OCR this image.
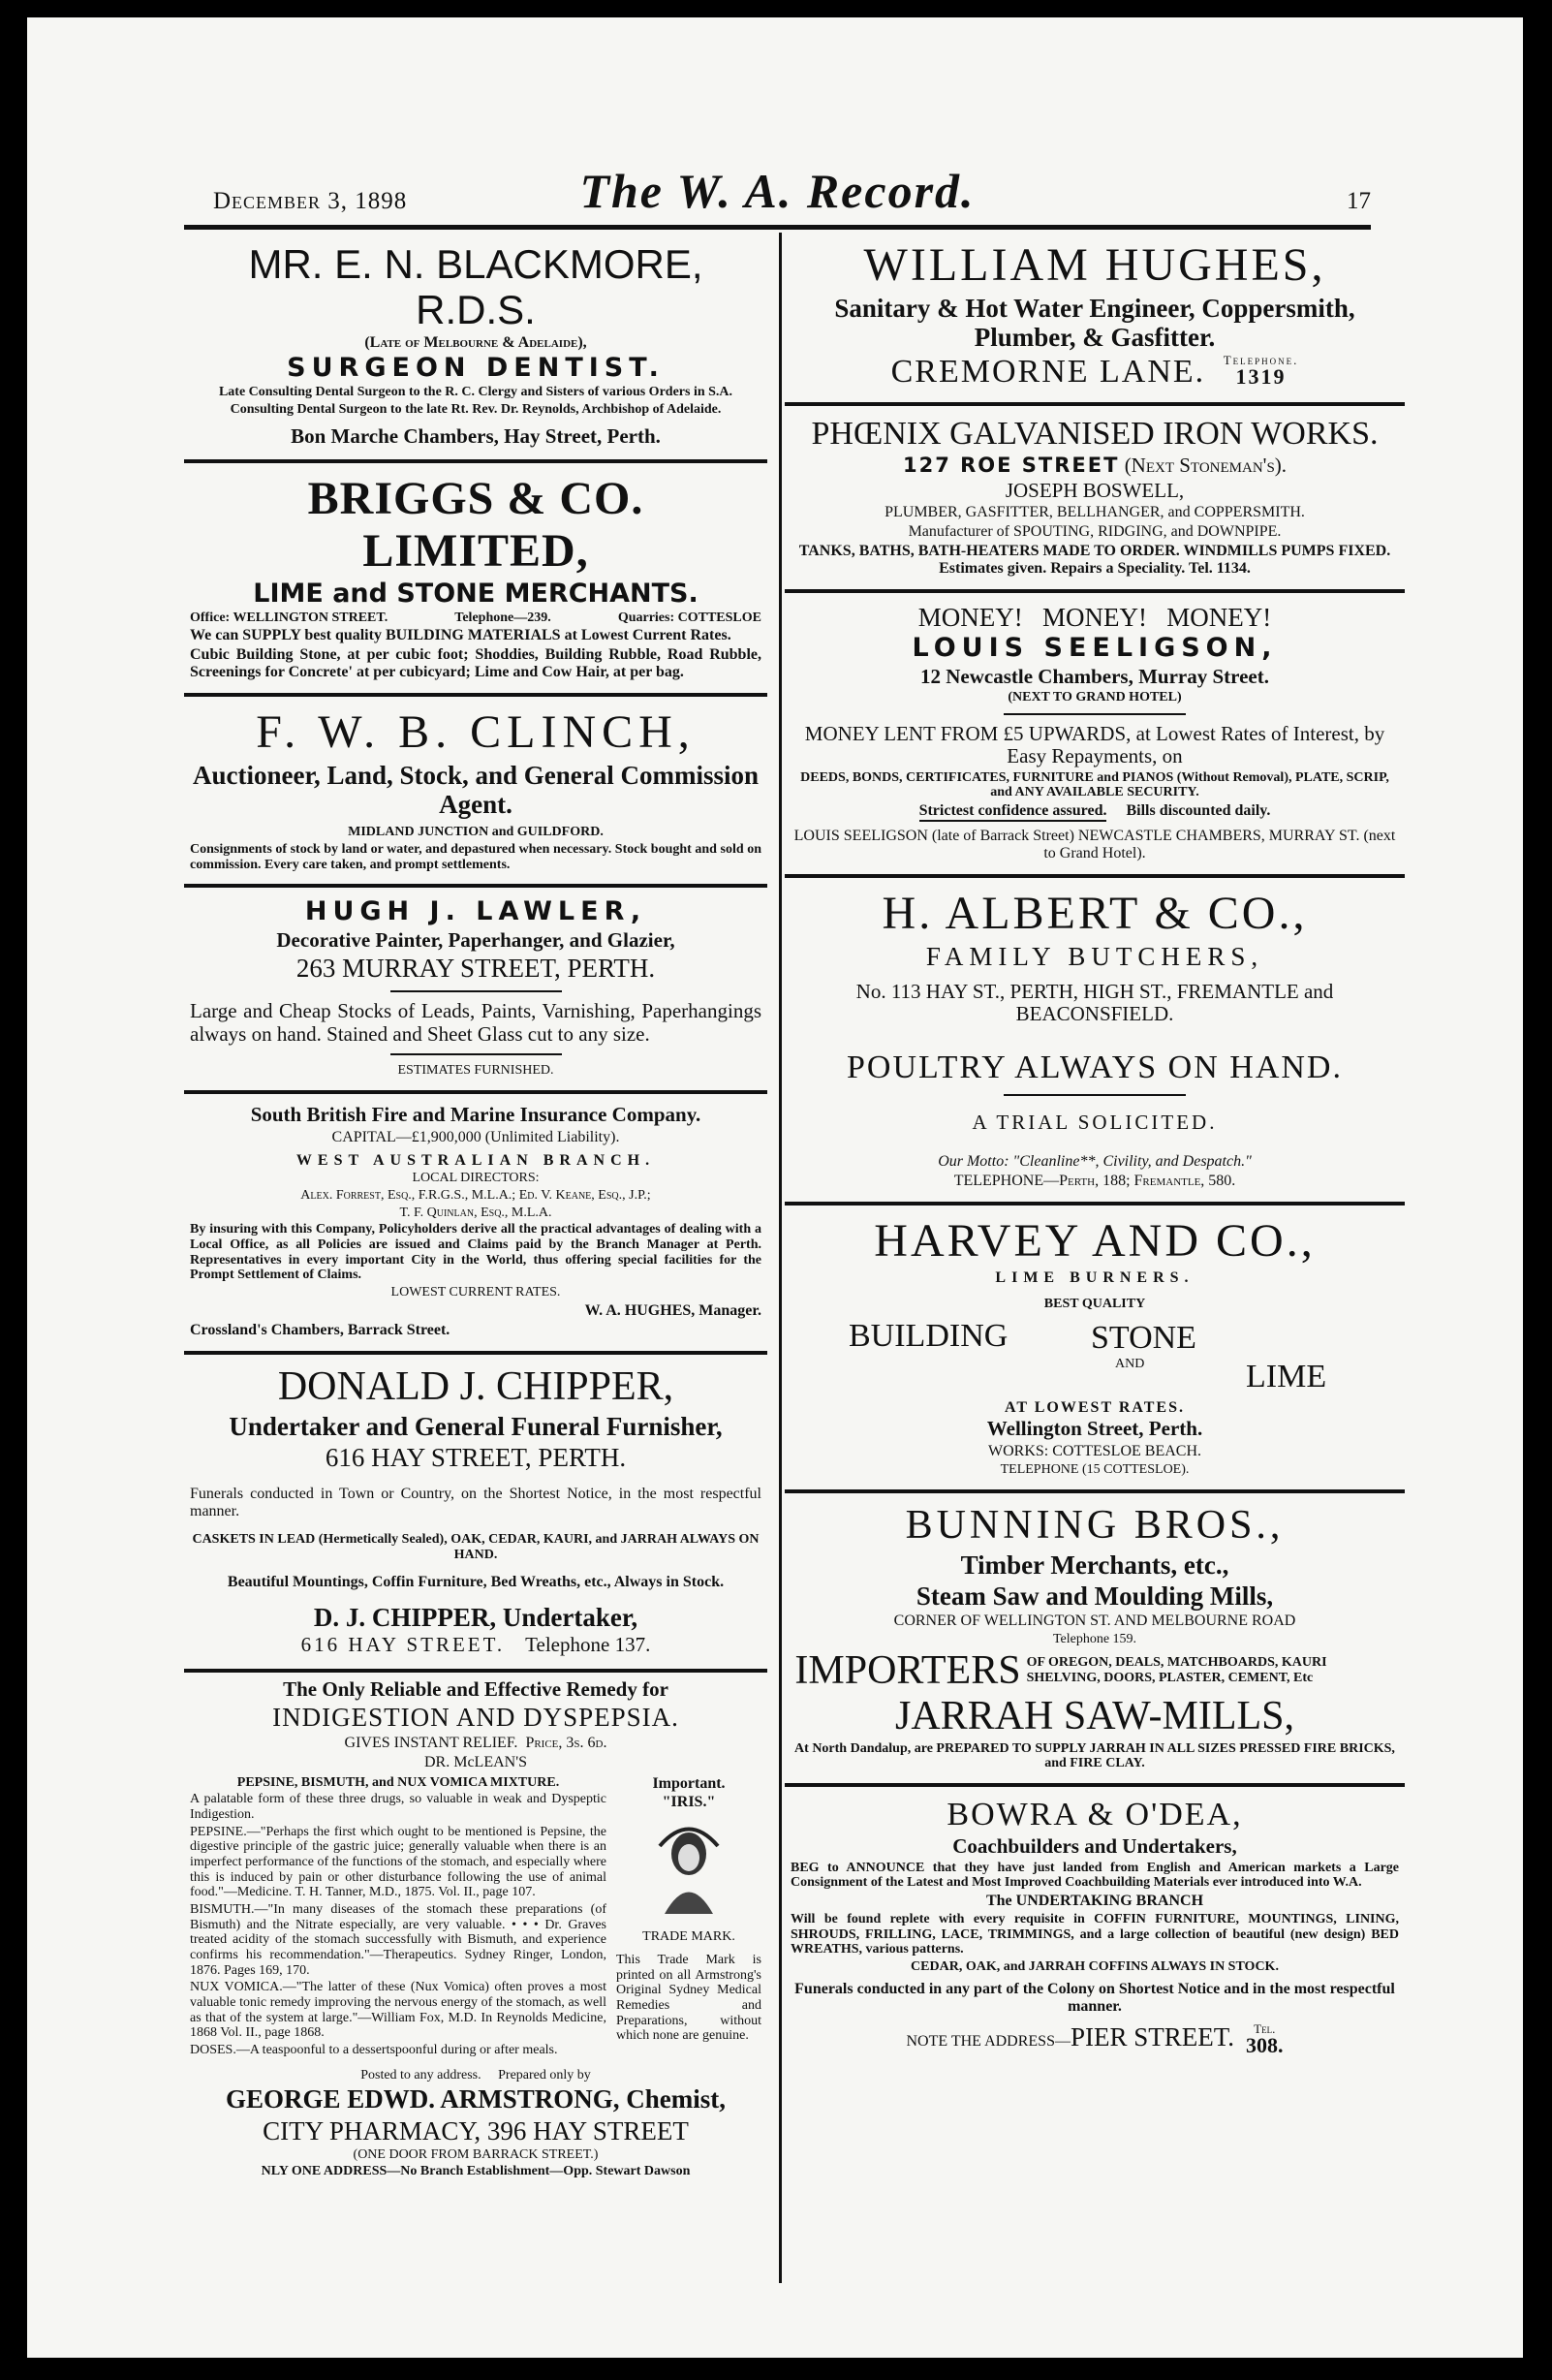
December 3, 1898	The W. A. Record.	17

MR. E. N. BLACKMORE, R.D.S.

(Late of Melbourne & Adelaide),

SURGEON DENTIST.

Late Consulting Dental Surgeon to the R. C. Clergy and Sisters of various Orders in S.A.

Consulting Dental Surgeon to the late Rt. Rev. Dr. Reynolds, Archbishop of Adelaide.

Bon Marche Chambers, Hay Street, Perth.

BRIGGS & CO. LIMITED,

LIME and STONE MERCHANTS.

Office: WELLINGTON STREET.	Telephone—239.	Quarries: COTTESLOE

We can SUPPLY best quality BUILDING MATERIALS at Lowest Current Rates.

Cubic Building Stone, at per cubic foot; Shoddies, Building Rubble, Road Rubble, Screenings for Concrete' at per cubicyard; Lime and Cow Hair, at per bag.

F. W. B. CLINCH,

Auctioneer, Land, Stock, and General Commission Agent.

MIDLAND JUNCTION and GUILDFORD.

Consignments of stock by land or water, and depastured when necessary. Stock bought and sold on commission. Every care taken, and prompt settlements.

HUGH J. LAWLER,

Decorative Painter, Paperhanger, and Glazier,

263 MURRAY STREET, PERTH.

Large and Cheap Stocks of Leads, Paints, Varnishing, Paperhangings always on hand. Stained and Sheet Glass cut to any size.

ESTIMATES FURNISHED.

South British Fire and Marine Insurance Company.

CAPITAL—£1,900,000 (Unlimited Liability).

WEST AUSTRALIAN BRANCH.

LOCAL DIRECTORS:

Alex. Forrest, Esq., F.R.G.S., M.L.A.; Ed. V. Keane, Esq., J.P.;

T. F. Quinlan, Esq., M.L.A.

By insuring with this Company, Policyholders derive all the practical advantages of dealing with a Local Office, as all Policies are issued and Claims paid by the Branch Manager at Perth. Representatives in every important City in the World, thus offering special facilities for the Prompt Settlement of Claims.

LOWEST CURRENT RATES.

W. A. HUGHES, Manager.

Crossland's Chambers, Barrack Street.

DONALD J. CHIPPER,

Undertaker and General Funeral Furnisher,

616 HAY STREET, PERTH.

Funerals conducted in Town or Country, on the Shortest Notice, in the most respectful manner.

CASKETS IN LEAD (Hermetically Sealed), OAK, CEDAR, KAURI, and JARRAH ALWAYS ON HAND.

Beautiful Mountings, Coffin Furniture, Bed Wreaths, etc., Always in Stock.

D. J. CHIPPER, Undertaker,

616 HAY STREET. Telephone 137.

The Only Reliable and Effective Remedy for

INDIGESTION AND DYSPEPSIA.

GIVES INSTANT RELIEF. Price, 3s. 6d.

DR. McLEAN'S

PEPSINE, BISMUTH, and NUX VOMICA MIXTURE.

A palatable form of these three drugs, so valuable in weak and Dyspeptic Indigestion.

PEPSINE.—"Perhaps the first which ought to be mentioned is Pepsine, the digestive principle of the gastric juice; generally valuable when there is an imperfect performance of the functions of the stomach, and especially where this is induced by pain or other disturbance following the use of animal food."—Medicine. T. H. Tanner, M.D., 1875. Vol. II., page 107.

BISMUTH.—"In many diseases of the stomach these preparations (of Bismuth) and the Nitrate especially, are very valuable. • • • Dr. Graves treated acidity of the stomach successfully with Bismuth, and experience confirms his recommendation."—Therapeutics. Sydney Ringer, London, 1876. Pages 169, 170.

NUX VOMICA.—"The latter of these (Nux Vomica) often proves a most valuable tonic remedy improving the nervous energy of the stomach, as well as that of the system at large."—William Fox, M.D. In Reynolds Medicine, 1868 Vol. II., page 1868.

DOSES.—A teaspoonful to a dessertspoonful during or after meals.

Important.

"IRIS."

TRADE MARK.

This Trade Mark is printed on all Armstrong's Original Sydney Medical Remedies and Preparations, without which none are genuine.

Posted to any address. Prepared only by

GEORGE EDWD. ARMSTRONG, Chemist,

CITY PHARMACY, 396 HAY STREET

(ONE DOOR FROM BARRACK STREET.)

NLY ONE ADDRESS—No Branch Establishment—Opp. Stewart Dawson

WILLIAM HUGHES,

Sanitary & Hot Water Engineer, Coppersmith, Plumber, & Gasfitter.

CREMORNE LANE. Telephone.
1319

PHŒNIX GALVANISED IRON WORKS.

127 ROE STREET (Next Stoneman's).

JOSEPH BOSWELL,

PLUMBER, GASFITTER, BELLHANGER, and COPPERSMITH.

Manufacturer of SPOUTING, RIDGING, and DOWNPIPE.

TANKS, BATHS, BATH-HEATERS MADE TO ORDER. WINDMILLS PUMPS FIXED. Estimates given. Repairs a Speciality. Tel. 1134.

MONEY!   MONEY!   MONEY!

LOUIS SEELIGSON,

12 Newcastle Chambers, Murray Street.

(NEXT TO GRAND HOTEL)

MONEY LENT FROM £5 UPWARDS, at Lowest Rates of Interest, by Easy Repayments, on

DEEDS, BONDS, CERTIFICATES, FURNITURE and PIANOS (Without Removal), PLATE, SCRIP, and ANY AVAILABLE SECURITY.

Strictest confidence assured. Bills discounted daily.

LOUIS SEELIGSON (late of Barrack Street) NEWCASTLE CHAMBERS, MURRAY ST. (next to Grand Hotel).

H. ALBERT & CO.,

FAMILY BUTCHERS,

No. 113 HAY ST., PERTH, HIGH ST., FREMANTLE and BEACONSFIELD.

POULTRY ALWAYS ON HAND.

A TRIAL SOLICITED.

Our Motto: "Cleanline**, Civility, and Despatch."

TELEPHONE—Perth, 188; Fremantle, 580.

HARVEY AND CO.,

LIME BURNERS.

BEST QUALITY

BUILDING	STONE
AND	LIME

AT LOWEST RATES.

Wellington Street, Perth.

WORKS: COTTESLOE BEACH.

TELEPHONE (15 COTTESLOE).

BUNNING BROS.,

Timber Merchants, etc.,

Steam Saw and Moulding Mills,

CORNER OF WELLINGTON ST. AND MELBOURNE ROAD

Telephone 159.

IMPORTERS OF OREGON, DEALS, MATCHBOARDS, KAURI SHELVING, DOORS, PLASTER, CEMENT, Etc

JARRAH SAW-MILLS,

At North Dandalup, are PREPARED TO SUPPLY JARRAH IN ALL SIZES PRESSED FIRE BRICKS, and FIRE CLAY.

BOWRA & O'DEA,

Coachbuilders and Undertakers,

BEG to ANNOUNCE that they have just landed from English and American markets a Large Consignment of the Latest and Most Improved Coachbuilding Materials ever introduced into W.A.

The UNDERTAKING BRANCH

Will be found replete with every requisite in COFFIN FURNITURE, MOUNTINGS, LINING, SHROUDS, FRILLING, LACE, TRIMMINGS, and a large collection of beautiful (new design) BED WREATHS, various patterns.

CEDAR, OAK, and JARRAH COFFINS ALWAYS IN STOCK.

Funerals conducted in any part of the Colony on Shortest Notice and in the most respectful manner.

NOTE THE ADDRESS—PIER STREET. Tel.
308.
